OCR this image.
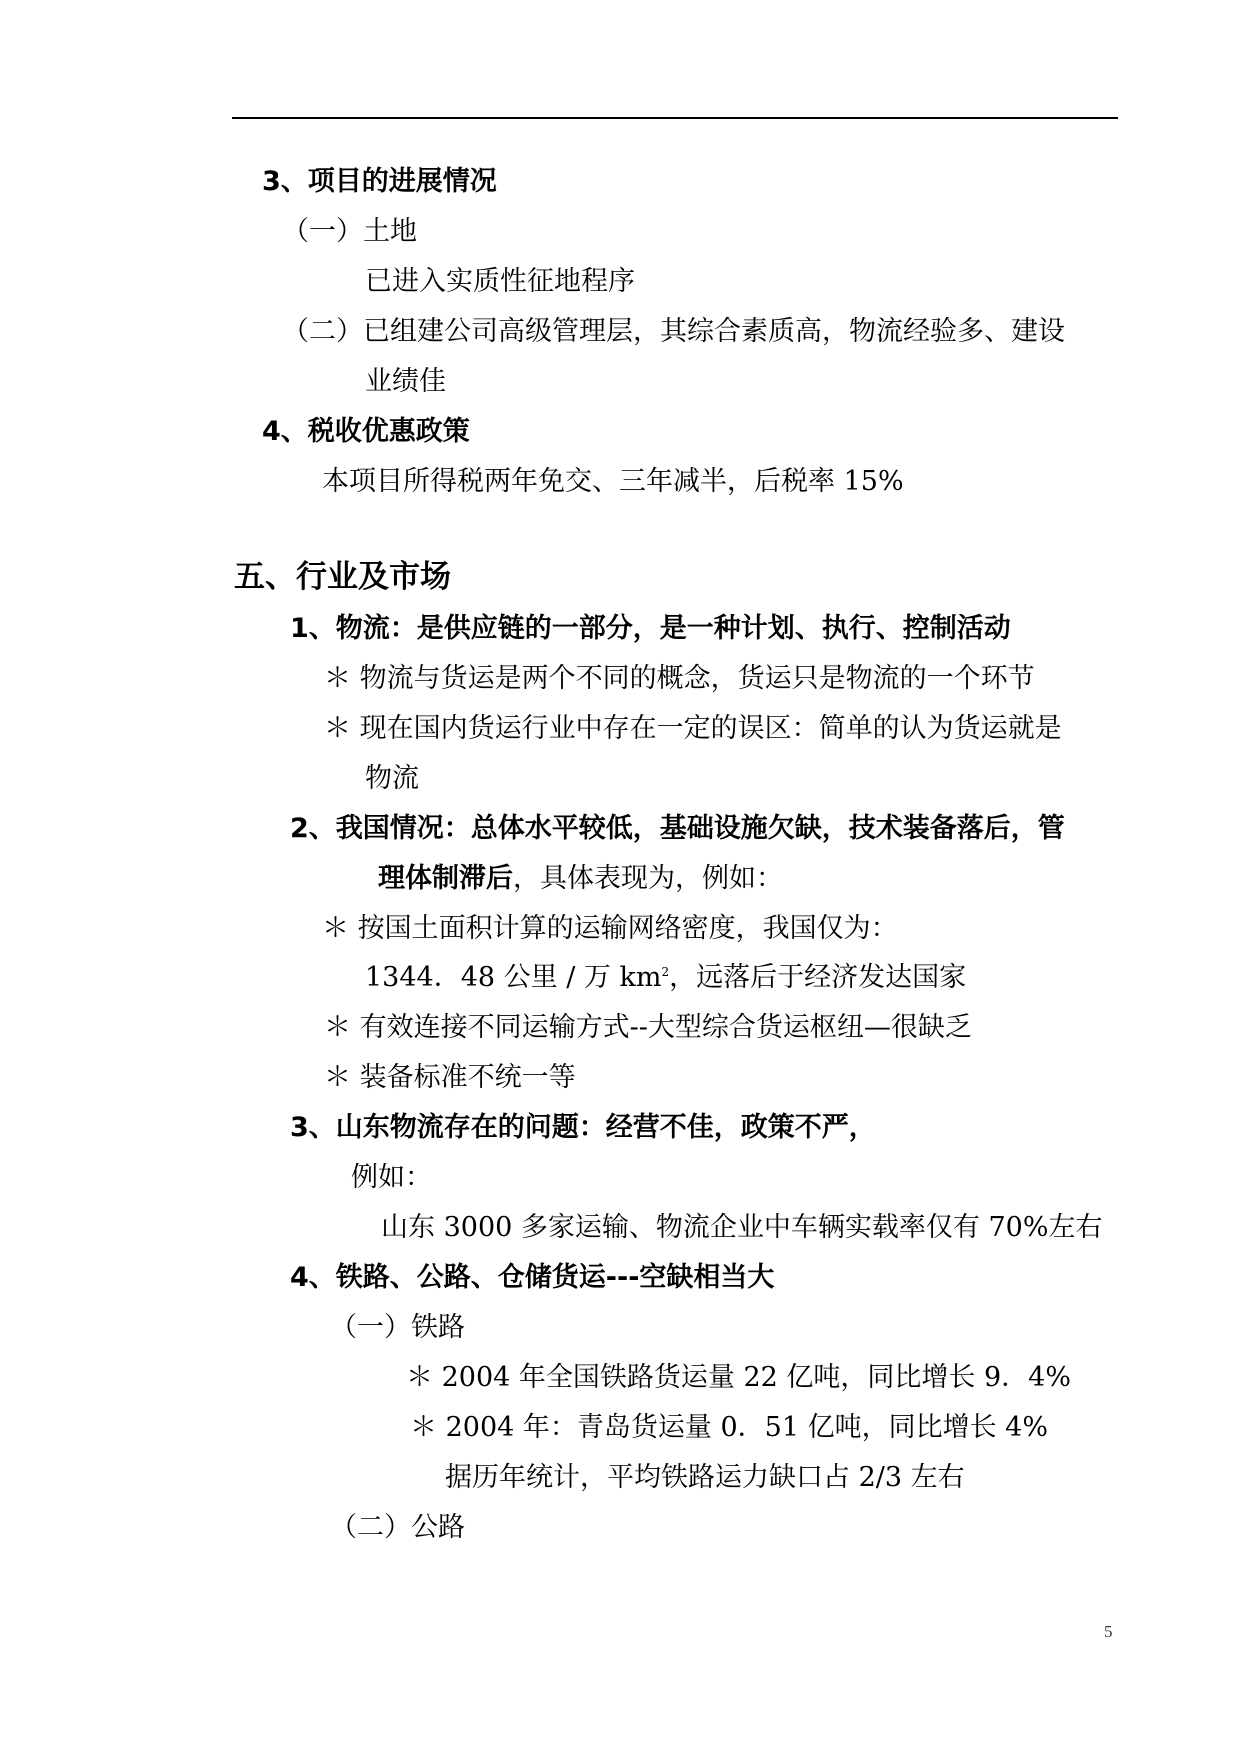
3、项目的进展情况
（一）土地
已进入实质性征地程序
（二）已组建公司高级管理层，其综合素质高，物流经验多、建设
业绩佳
4、税收优惠政策
本项目所得税两年免交、三年减半，后税率 15%
五、行业及市场
1、物流：是供应链的一部分，是一种计划、执行、控制活动
＊ 物流与货运是两个不同的概念，货运只是物流的一个环节
＊ 现在国内货运行业中存在一定的误区：简单的认为货运就是
物流
2、我国情况：总体水平较低，基础设施欠缺，技术装备落后，管
理体制滞后，具体表现为，例如：
＊ 按国土面积计算的运输网络密度，我国仅为：
1344．48 公里 / 万 $km^2$，远落后于经济发达国家
＊ 有效连接不同运输方式--大型综合货运枢纽—很缺乏
＊ 装备标准不统一等
3、山东物流存在的问题：经营不佳，政策不严，
例如：
山东 3000 多家运输、物流企业中车辆实载率仅有 70%左右
4、铁路、公路、仓储货运---空缺相当大
（一）铁路
＊ 2004 年全国铁路货运量 22 亿吨，同比增长 9．4%
＊ 2004 年：青岛货运量 0．51 亿吨，同比增长 4%
据历年统计，平均铁路运力缺口占 2/3 左右
（二）公路
5
